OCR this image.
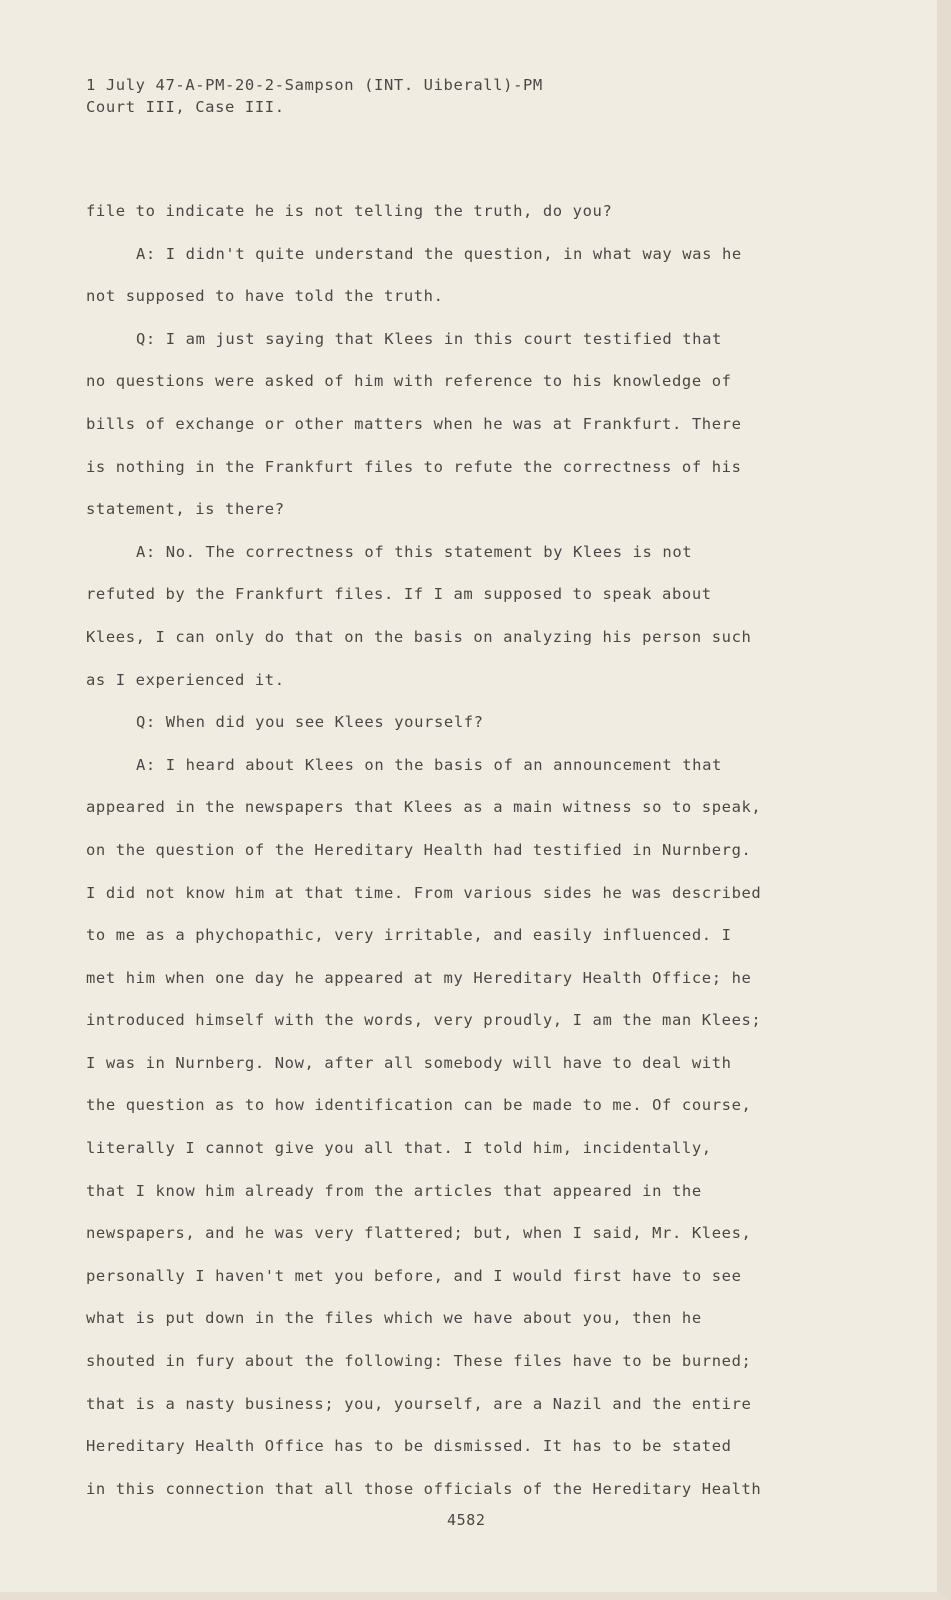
1 July 47-A-PM-20-2-Sampson (INT. Uiberall)-PM
Court III, Case III.
file to indicate he is not telling the truth, do you?
A: I didn't quite understand the question, in what way was he
not supposed to have told the truth.
Q: I am just saying that Klees in this court testified that
no questions were asked of him with reference to his knowledge of
bills of exchange or other matters when he was at Frankfurt. There
is nothing in the Frankfurt files to refute the correctness of his
statement, is there?
A: No. The correctness of this statement by Klees is not
refuted by the Frankfurt files. If I am supposed to speak about
Klees, I can only do that on the basis on analyzing his person such
as I experienced it.
Q: When did you see Klees yourself?
A: I heard about Klees on the basis of an announcement that
appeared in the newspapers that Klees as a main witness so to speak,
on the question of the Hereditary Health had testified in Nurnberg.
I did not know him at that time. From various sides he was described
to me as a phychopathic, very irritable, and easily influenced. I
met him when one day he appeared at my Hereditary Health Office; he
introduced himself with the words, very proudly, I am the man Klees;
I was in Nurnberg. Now, after all somebody will have to deal with
the question as to how identification can be made to me. Of course,
literally I cannot give you all that. I told him, incidentally,
that I know him already from the articles that appeared in the
newspapers, and he was very flattered; but, when I said, Mr. Klees,
personally I haven't met you before, and I would first have to see
what is put down in the files which we have about you, then he
shouted in fury about the following: These files have to be burned;
that is a nasty business; you, yourself, are a Nazil and the entire
Hereditary Health Office has to be dismissed. It has to be stated
in this connection that all those officials of the Hereditary Health
4582
